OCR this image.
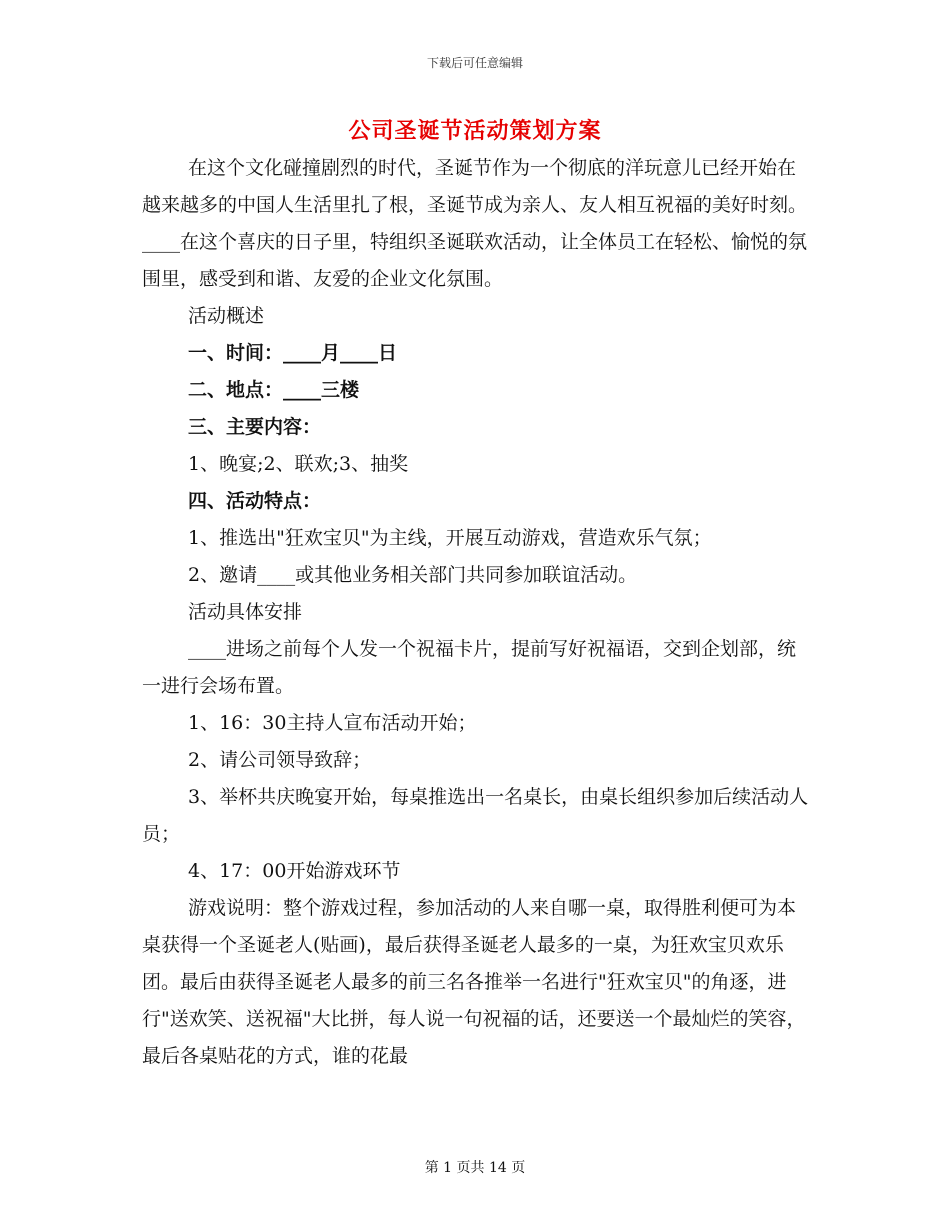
下载后可任意编辑
公司圣诞节活动策划方案

在这个文化碰撞剧烈的时代，圣诞节作为一个彻底的洋玩意儿已经开始在越来越多的中国人生活里扎了根，圣诞节成为亲人、友人相互祝福的美好时刻。____在这个喜庆的日子里，特组织圣诞联欢活动，让全体员工在轻松、愉悦的氛围里，感受到和谐、友爱的企业文化氛围。

活动概述

一、时间：____月____日

二、地点：____三楼

三、主要内容：

1、晚宴;2、联欢;3、抽奖

四、活动特点：

1、推选出"狂欢宝贝"为主线，开展互动游戏，营造欢乐气氛；

2、邀请____或其他业务相关部门共同参加联谊活动。

活动具体安排

____进场之前每个人发一个祝福卡片，提前写好祝福语，交到企划部，统一进行会场布置。

1、16：30主持人宣布活动开始；

2、请公司领导致辞；

3、举杯共庆晚宴开始，每桌推选出一名桌长，由桌长组织参加后续活动人员；

4、17：00开始游戏环节

游戏说明：整个游戏过程，参加活动的人来自哪一桌，取得胜利便可为本桌获得一个圣诞老人(贴画)，最后获得圣诞老人最多的一桌，为狂欢宝贝欢乐团。最后由获得圣诞老人最多的前三名各推举一名进行"狂欢宝贝"的角逐，进行"送欢笑、送祝福"大比拼，每人说一句祝福的话，还要送一个最灿烂的笑容，最后各桌贴花的方式，谁的花最

第 1 页共 14 页
